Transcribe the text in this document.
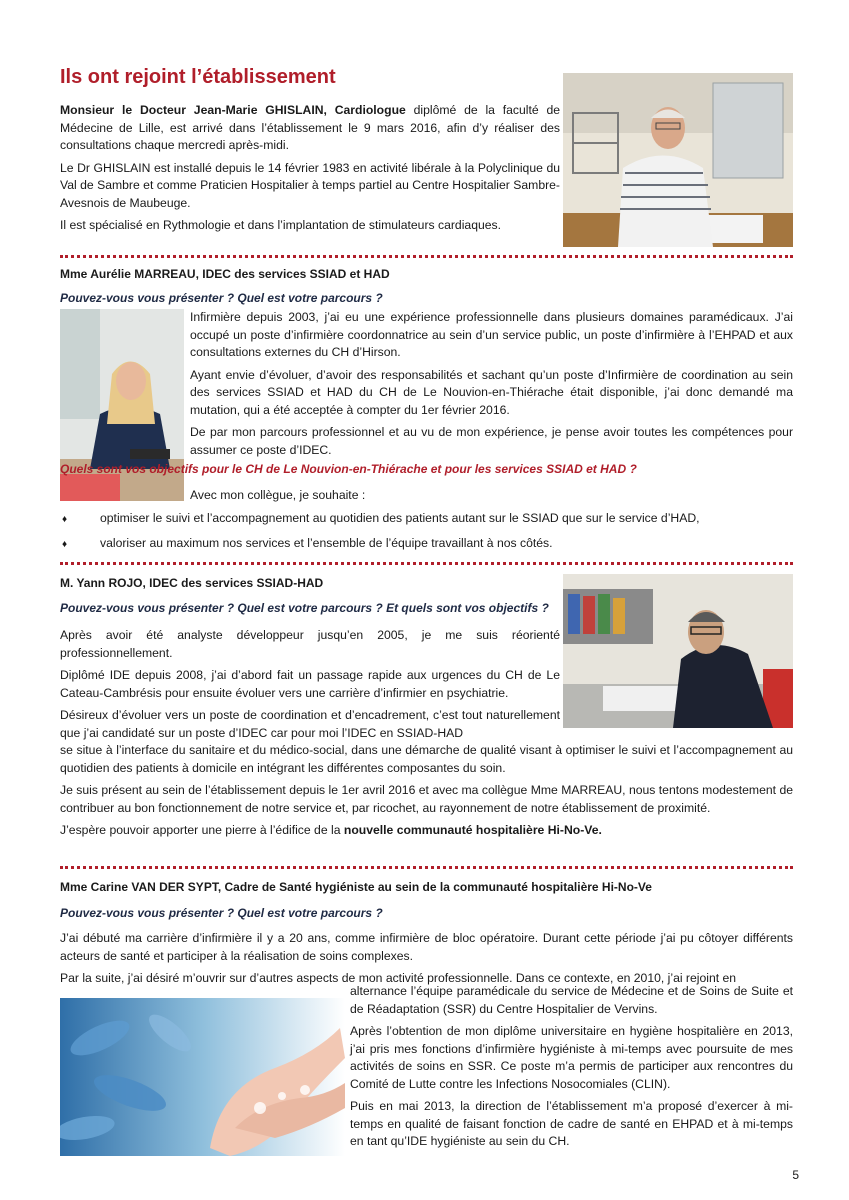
Ils ont rejoint l’établissement

Monsieur le Docteur Jean-Marie GHISLAIN, Cardiologue diplômé de la faculté de Médecine de Lille, est arrivé dans l’établissement le 9 mars 2016, afin d’y réaliser des consultations chaque mercredi après-midi.

Le Dr GHISLAIN est installé depuis le 14 février 1983 en activité libérale à la Polyclinique du Val de Sambre et comme Praticien Hospitalier à temps partiel au Centre Hospitalier Sambre-Avesnois de Maubeuge.

Il est spécialisé en Rythmologie et dans l’implantation de stimulateurs cardiaques.

Mme Aurélie MARREAU, IDEC des services SSIAD et HAD
Pouvez-vous vous présenter ? Quel est votre parcours ?

Infirmière depuis 2003, j’ai eu une expérience professionnelle dans plusieurs domaines paramédicaux. J’ai occupé un poste d’infirmière coordonnatrice au sein d’un service public, un poste d’infirmière à l’EHPAD et aux consultations externes du CH d’Hirson.

Ayant envie d’évoluer, d’avoir des responsabilités et sachant qu’un poste d’Infirmière de coordination au sein des services SSIAD et HAD du CH de Le Nouvion-en-Thiérache était disponible, j’ai donc demandé ma mutation, qui a été acceptée à compter du 1er février 2016.

De par mon parcours professionnel et au vu de mon expérience, je pense avoir toutes les compétences pour assumer ce poste d’IDEC.

Quels sont vos objectifs pour le CH de Le Nouvion-en-Thiérache et pour les services SSIAD et HAD ?
Avec mon collègue, je souhaite :
♦	optimiser le suivi et l’accompagnement au quotidien des patients autant sur le SSIAD que sur le service d’HAD,
♦	valoriser au maximum nos services et l’ensemble de l’équipe travaillant à nos côtés.
M. Yann ROJO, IDEC des services SSIAD-HAD
Pouvez-vous vous présenter ? Quel est votre parcours ? Et quels sont vos objectifs ?

Après avoir été analyste développeur jusqu’en 2005, je me suis réorienté professionnellement.

Diplômé IDE depuis 2008, j’ai d’abord fait un passage rapide aux urgences du CH de Le Cateau-Cambrésis pour ensuite évoluer vers une carrière d’infirmier en psychiatrie.

Désireux d’évoluer vers un poste de coordination et d’encadrement, c’est tout naturellement que j’ai candidaté sur un poste d’IDEC car pour moi l’IDEC en SSIAD-HAD

se situe à l’interface du sanitaire et du médico-social, dans une démarche de qualité visant à optimiser le suivi et l’accompagnement au quotidien des patients à domicile en intégrant les différentes composantes du soin.

Je suis présent au sein de l’établissement depuis le 1er avril 2016 et avec ma collègue Mme MARREAU, nous tentons modestement de contribuer au bon fonctionnement de notre service et, par ricochet, au rayonnement de notre établissement de proximité.

J’espère pouvoir apporter une pierre à l’édifice de la nouvelle communauté hospitalière Hi-No-Ve.

Mme Carine VAN DER SYPT, Cadre de Santé hygiéniste au sein de la communauté hospitalière Hi-No-Ve
Pouvez-vous vous présenter ? Quel est votre parcours ?

J’ai débuté ma carrière d’infirmière il y a 20 ans, comme infirmière de bloc opératoire. Durant cette période j’ai pu côtoyer différents acteurs de santé et participer à la réalisation de soins complexes.

Par la suite, j’ai désiré m’ouvrir sur d’autres aspects de mon activité professionnelle. Dans ce contexte, en 2010, j’ai rejoint en

alternance l’équipe paramédicale du service de Médecine et de Soins de Suite et de Réadaptation (SSR) du Centre Hospitalier de Vervins.

Après l’obtention de mon diplôme universitaire en hygiène hospitalière en 2013, j’ai pris mes fonctions d’infirmière hygiéniste à mi-temps avec poursuite de mes activités de soins en SSR. Ce poste m’a permis de participer aux rencontres du Comité de Lutte contre les Infections Nosocomiales (CLIN).

Puis en mai 2013, la direction de l’établissement m’a proposé d’exercer à mi-temps en qualité de faisant fonction de cadre de santé en EHPAD et à mi-temps en tant qu’IDE hygiéniste au sein du CH.

5
